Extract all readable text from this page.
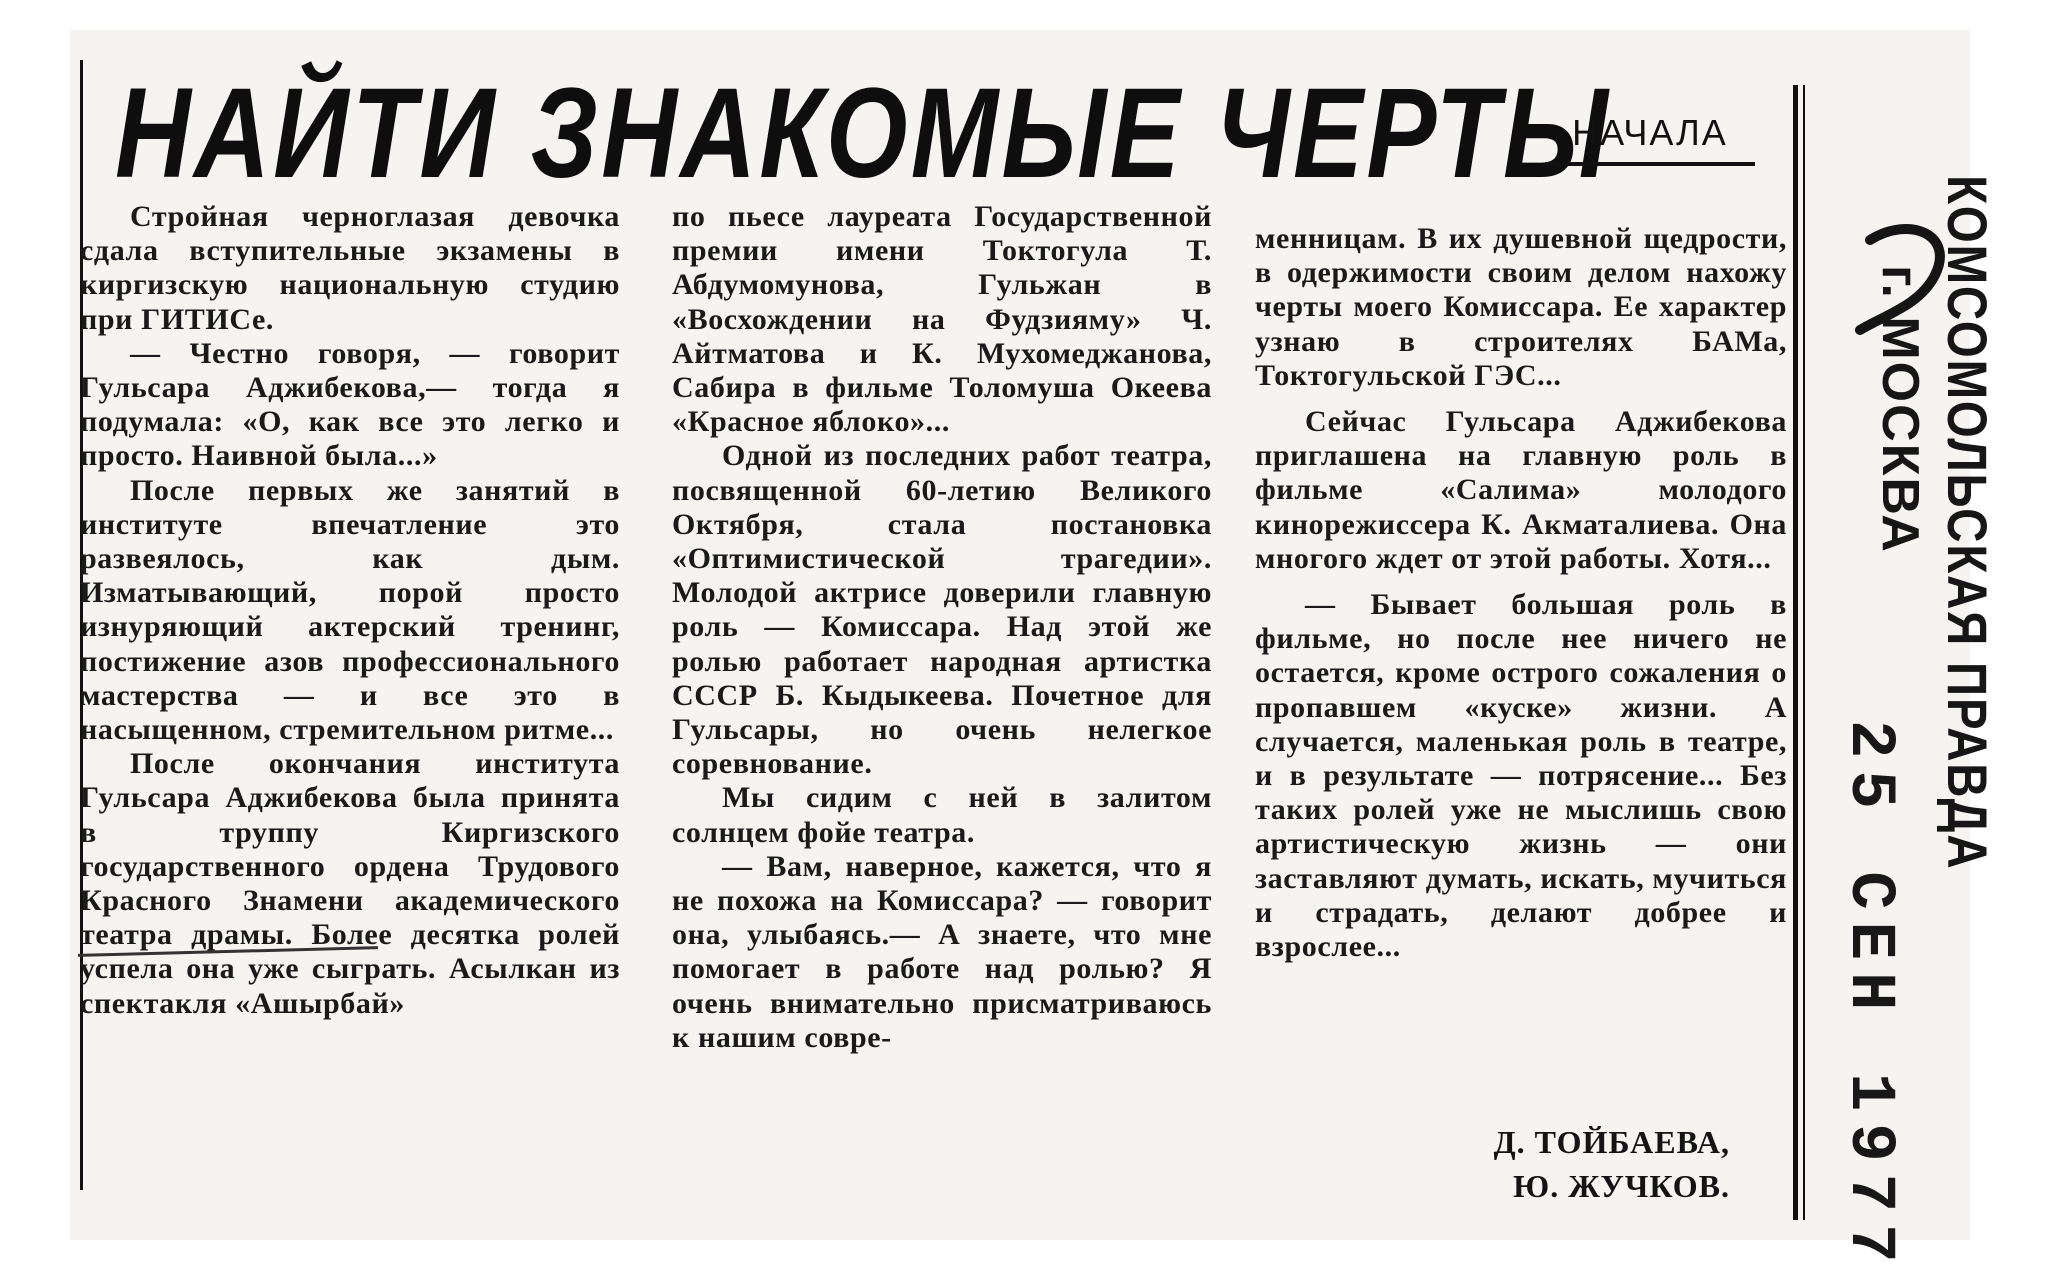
НАЙТИ ЗНАКОМЫЕ ЧЕРТЫ
НАЧАЛА

Стройная черноглазая девочка сдала вступительные экзамены в киргизскую национальную студию при ГИТИСе.

— Честно говоря, — говорит Гульсара Аджибекова,— тогда я подумала: «О, как все это легко и просто. Наивной была...»

После первых же занятий в институте впечатление это развеялось, как дым. Изматывающий, порой просто изнуряющий актерский тренинг, постижение азов профессионального мастерства — и все это в насыщенном, стремительном ритме...

После окончания института Гульсара Аджибекова была принята в труппу Киргизского государственного ордена Трудового Красного Знамени академического театра драмы. Более десятка ролей успела она уже сыграть. Асылкан из спектакля «Ашырбай»

по пьесе лауреата Государственной премии имени Токтогула Т. Абдумомунова, Гульжан в «Восхождении на Фудзияму» Ч. Айтматова и К. Мухомеджанова, Сабира в фильме Толомуша Океева «Красное яблоко»...

Одной из последних работ театра, посвященной 60-летию Великого Октября, стала постановка «Оптимистической трагедии». Молодой актрисе доверили главную роль — Комиссара. Над этой же ролью работает народная артистка СССР Б. Кыдыкеева. Почетное для Гульсары, но очень нелегкое соревнование.

Мы сидим с ней в залитом солнцем фойе театра.

— Вам, наверное, кажется, что я не похожа на Комиссара? — говорит она, улыбаясь.— А знаете, что мне помогает в работе над ролью? Я очень внимательно присматриваюсь к нашим совре-

менницам. В их душевной щедрости, в одержимости своим делом нахожу черты моего Комиссара. Ее характер узнаю в строителях БАМа, Токтогульской ГЭС...

Сейчас Гульсара Аджибекова приглашена на главную роль в фильме «Салима» молодого кинорежиссера К. Акматалиева. Она многого ждет от этой работы. Хотя...

— Бывает большая роль в фильме, но после нее ничего не остается, кроме острого сожаления о пропавшем «куске» жизни. А случается, маленькая роль в театре, и в результате — потрясение... Без таких ролей уже не мыслишь свою артистическую жизнь — они заставляют думать, искать, мучиться и страдать, делают добрее и взрослее...

Д. ТОЙБАЕВА,
Ю. ЖУЧКОВ.
КОМСОМОЛЬСКАЯ ПРАВДА
г. МОСКВА
25 СЕН 1977
